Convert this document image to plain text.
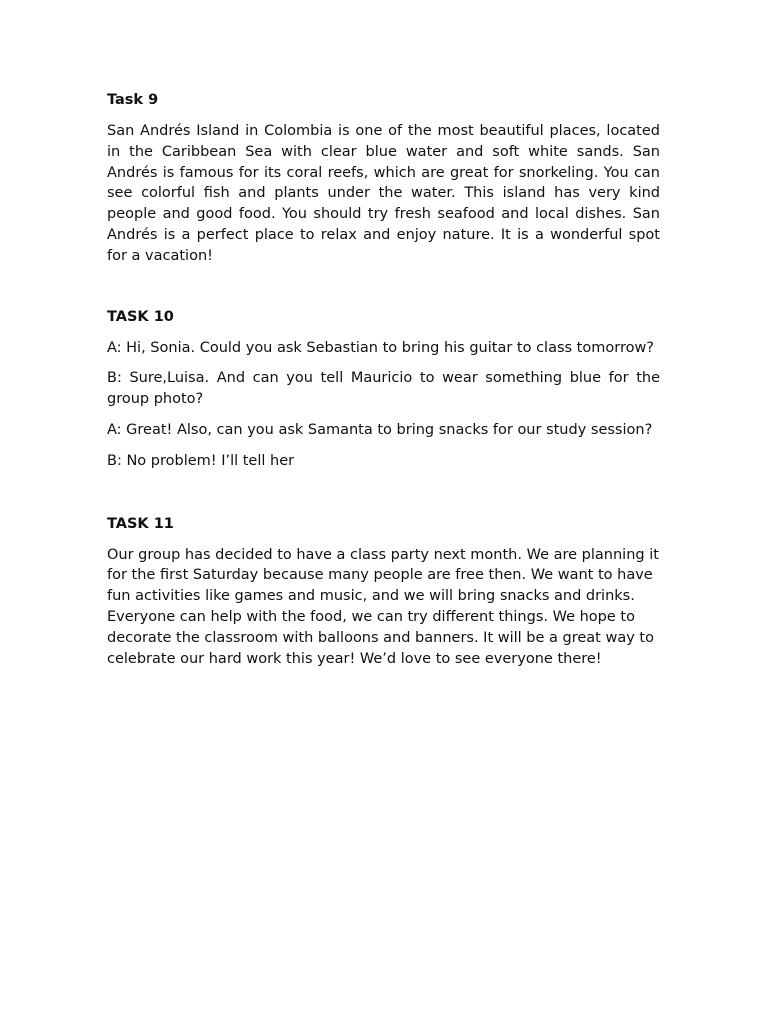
Task 9

San Andrés Island in Colombia is one of the most beautiful places, located in the Caribbean Sea with clear blue water and soft white sands. San Andrés is famous for its coral reefs, which are great for snorkeling. You can see colorful fish and plants under the water. This island has very kind people and good food. You should try fresh seafood and local dishes. San Andrés is a perfect place to relax and enjoy nature. It is a wonderful spot for a vacation!

TASK 10

A: Hi, Sonia. Could you ask Sebastian to bring his guitar to class tomorrow?

B: Sure,Luisa. And can you tell Mauricio to wear something blue for the group photo?

A: Great! Also, can you ask Samanta to bring snacks for our study session?

B: No problem! I’ll tell her

TASK 11

Our group has decided to have a class party next month. We are planning it for the first Saturday because many people are free then. We want to have fun activities like games and music, and we will bring snacks and drinks. Everyone can help with the food, we can try different things. We hope to decorate the classroom with balloons and banners. It will be a great way to celebrate our hard work this year! We’d love to see everyone there!
